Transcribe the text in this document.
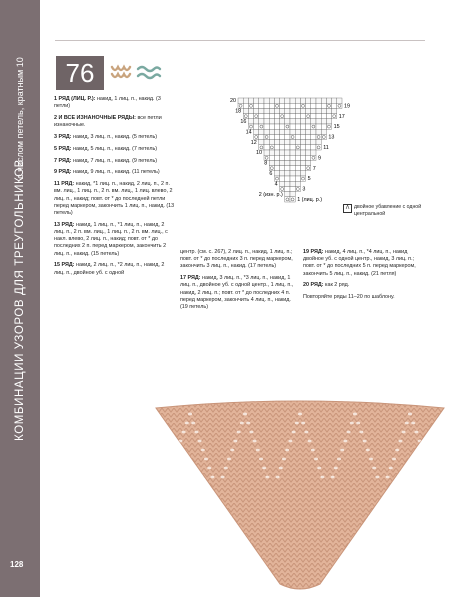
с числом петель, кратным 10
КОМБИНАЦИИ УЗОРОВ ДЛЯ ТРЕУГОЛЬНИКОВ
128
76

1 РЯД (ЛИЦ. Р.): накид, 1 лиц. п., накид. (3 петли)

2 И ВСЕ ИЗНАНОЧНЫЕ РЯДЫ: все петли изнаночные.

3 РЯД: накид, 3 лиц. п., накид. (5 петель)

5 РЯД: накид, 5 лиц. п., накид. (7 петель)

7 РЯД: накид, 7 лиц. п., накид. (9 петель)

9 РЯД: накид, 9 лиц. п., накид. (11 петель)

11 РЯД: накид, *1 лиц. п., накид, 2 лиц. п., 2 п. вм. лиц., 1 лиц. п., 2 п. вм. лиц., 1 лиц. влево, 2 лиц. п., накид; повт. от * до последней петли перед маркером, закончить 1 лиц. п., накид. (13 петель)

13 РЯД: накид, 1 лиц. п., *1 лиц. п., накид, 2 лиц. п., 2 п. вм. лиц., 1 лиц. п., 2 п. вм. лиц., с накл. влево, 2 лиц. п., накид; повт. от * до последних 2 п. перед маркером, закончить 2 лиц. п., накид. (15 петель)

15 РЯД: накид, 2 лиц. п., *2 лиц. п., накид, 2 лиц. п., двойное уб. с одной

центр. (см. с. 267), 2 лиц. п., накид, 1 лиц. п.; повт. от * до последних 3 п. перед маркером, закончить 3 лиц. п., накид. (17 петель)

17 РЯД: накид, 3 лиц. п., *3 лиц. п., накид, 1 лиц. п., двойное уб. с одной центр., 1 лиц. п., накид, 2 лиц. п.; повт. от * до последних 4 п. перед маркером, закончить 4 лиц. п., накид. (19 петель)

19 РЯД: накид, 4 лиц. п., *4 лиц. п., накид двойное уб. с одной центр., накид, 3 лиц. п.; повт. от * до последних 5 п. перед маркером, закончить 5 лиц. п., накид. (21 петля)

20 РЯД: как 2 ряд.

Повторяйте ряды 11–20 по шаблону.

20
19
18
17
16
15
14
13
12
11
10
9
8
7
6
5
4
3
2 (изн. р.)
1 (лиц. р.)
Λ двойное убавление с одной центральной
